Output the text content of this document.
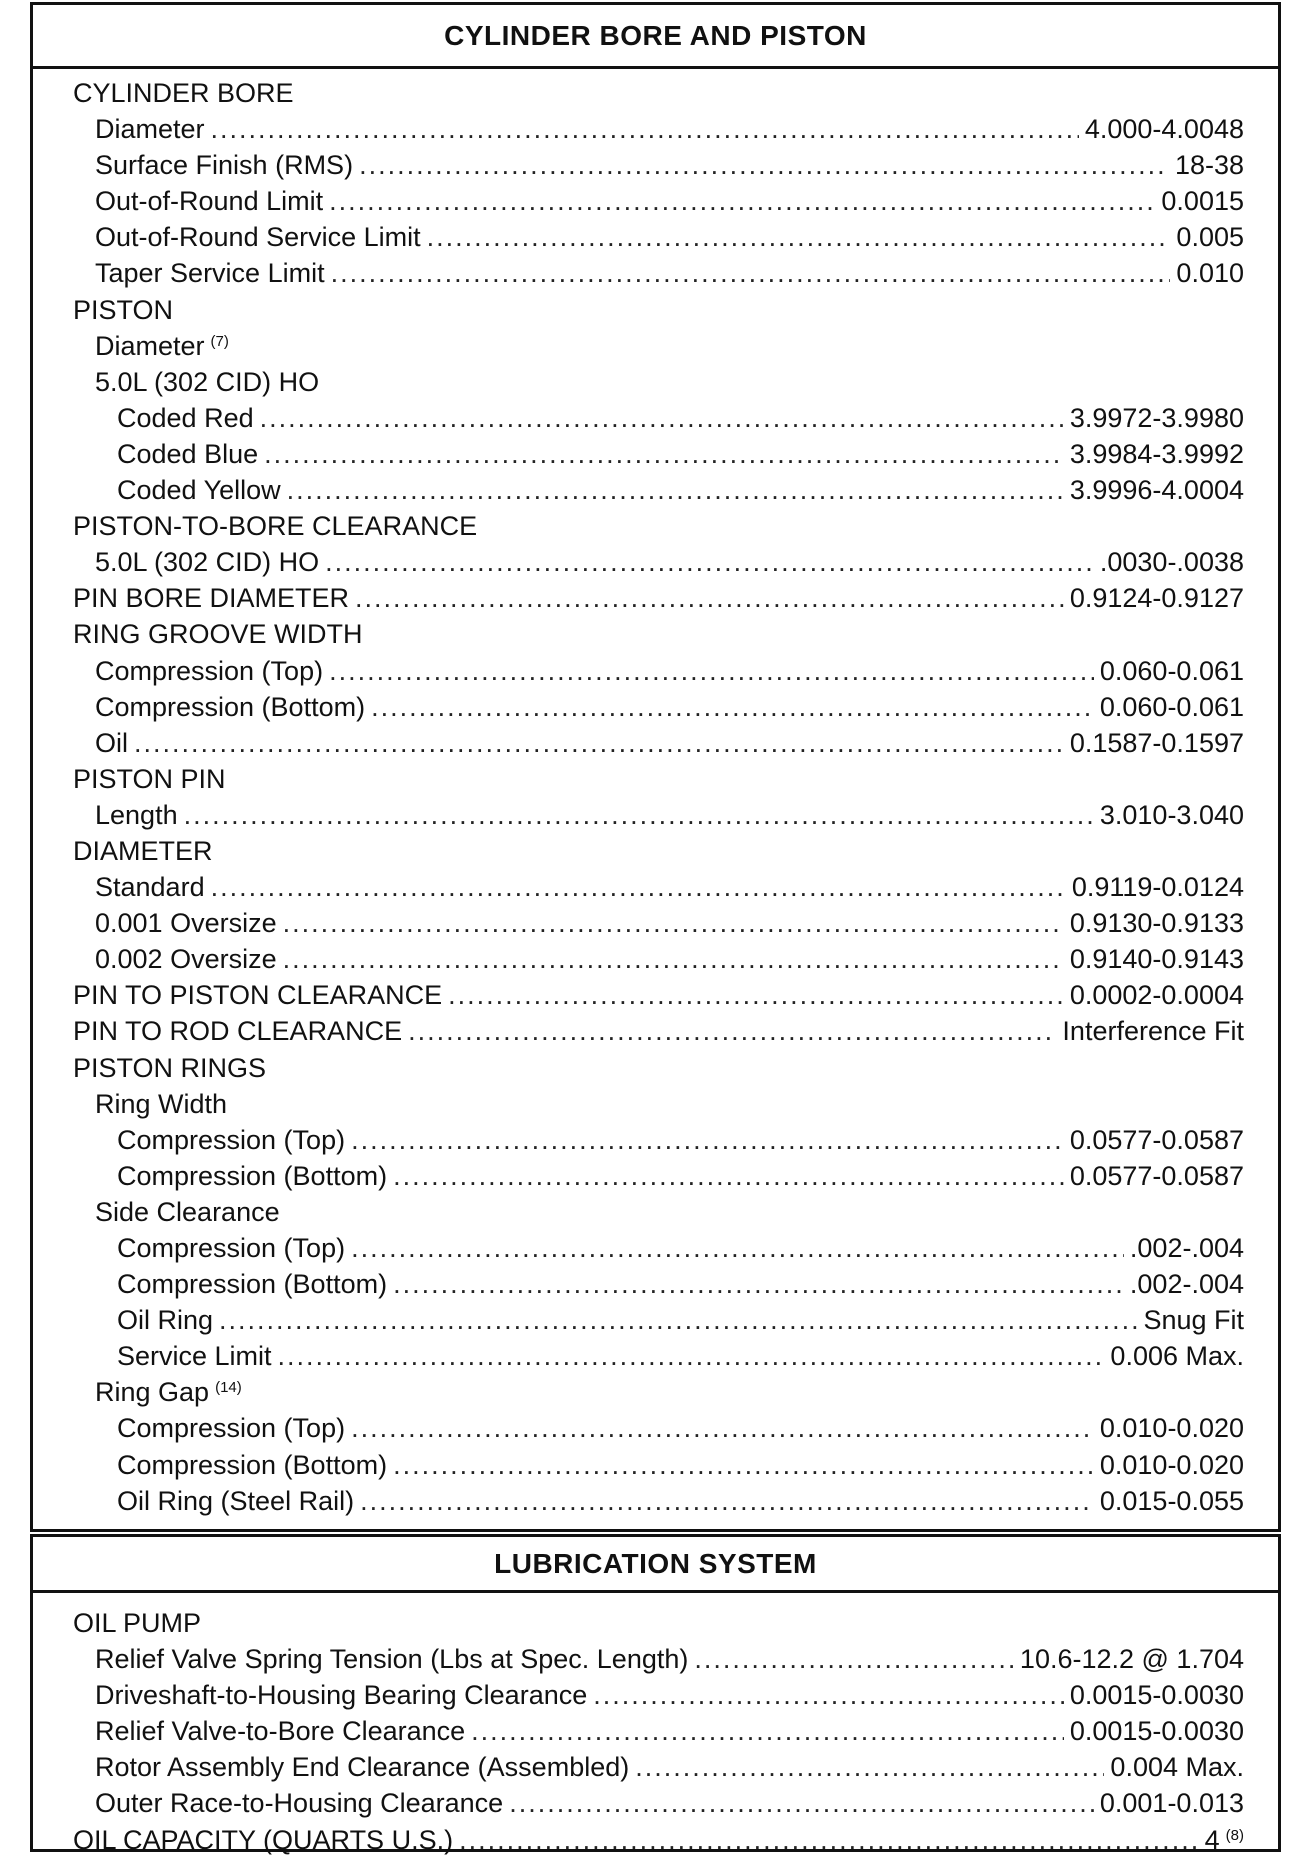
CYLINDER BORE AND PISTON
CYLINDER BORE
Diameter .....	4.000-4.0048
Surface Finish (RMS) .....	18-38
Out-of-Round Limit .....	0.0015
Out-of-Round Service Limit .....	0.005
Taper Service Limit .....	0.010
PISTON
Diameter $^{(7)}$
5.0L (302 CID) HO
Coded Red .....	3.9972-3.9980
Coded Blue .....	3.9984-3.9992
Coded Yellow .....	3.9996-4.0004
PISTON-TO-BORE CLEARANCE
5.0L (302 CID) HO .....	.0030-.0038
PIN BORE DIAMETER .....	0.9124-0.9127
RING GROOVE WIDTH
Compression (Top) .....	0.060-0.061
Compression (Bottom) .....	0.060-0.061
Oil .....	0.1587-0.1597
PISTON PIN
Length .....	3.010-3.040
DIAMETER
Standard .....	0.9119-0.0124
0.001 Oversize .....	0.9130-0.9133
0.002 Oversize .....	0.9140-0.9143
PIN TO PISTON CLEARANCE .....	0.0002-0.0004
PIN TO ROD CLEARANCE .....	Interference Fit
PISTON RINGS
Ring Width
Compression (Top) .....	0.0577-0.0587
Compression (Bottom) .....	0.0577-0.0587
Side Clearance
Compression (Top) .....	.002-.004
Compression (Bottom) .....	.002-.004
Oil Ring .....	Snug Fit
Service Limit .....	0.006 Max.
Ring Gap $^{(14)}$
Compression (Top) .....	0.010-0.020
Compression (Bottom) .....	0.010-0.020
Oil Ring (Steel Rail) .....	0.015-0.055
LUBRICATION SYSTEM
OIL PUMP
Relief Valve Spring Tension (Lbs at Spec. Length) .....	10.6-12.2 @ 1.704
Driveshaft-to-Housing Bearing Clearance .....	0.0015-0.0030
Relief Valve-to-Bore Clearance .....	0.0015-0.0030
Rotor Assembly End Clearance (Assembled) .....	0.004 Max.
Outer Race-to-Housing Clearance .....	0.001-0.013
OIL CAPACITY (QUARTS U.S.) .....	4 $^{(8)}$
